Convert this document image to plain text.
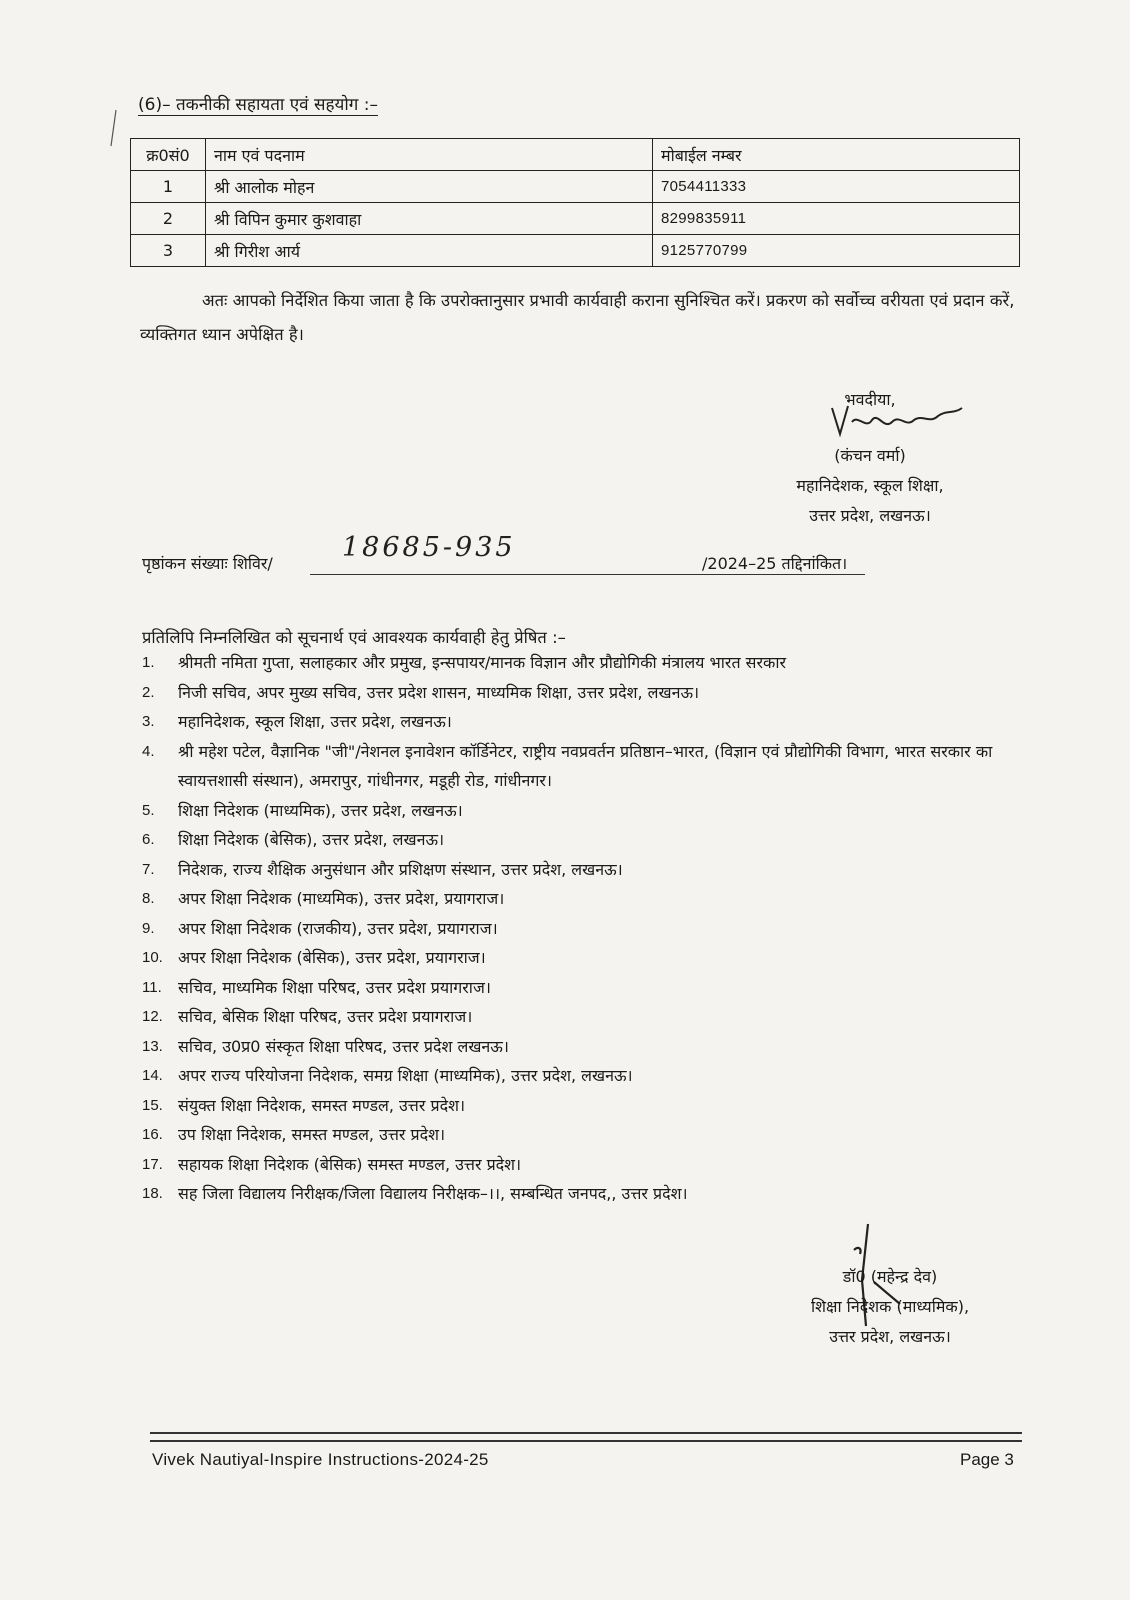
(6)– तकनीकी सहायता एवं सहयोग :–
क्र0सं0	नाम एवं पदनाम	मोबाईल नम्बर
1	श्री आलोक मोहन	7054411333
2	श्री विपिन कुमार कुशवाहा	8299835911
3	श्री गिरीश आर्य	9125770799
अतः आपको निर्देशित किया जाता है कि उपरोक्तानुसार प्रभावी कार्यवाही कराना सुनिश्चित करें। प्रकरण को सर्वोच्च वरीयता एवं प्रदान करें, व्यक्तिगत ध्यान अपेक्षित है।
भवदीया,
(कंचन वर्मा)
महानिदेशक, स्कूल शिक्षा,
उत्तर प्रदेश, लखनऊ।
पृष्ठांकन संख्याः शिविर/
18685-935
/2024–25 तद्दिनांकित।
प्रतिलिपि निम्नलिखित को सूचनार्थ एवं आवश्यक कार्यवाही हेतु प्रेषित :–
1.	श्रीमती नमिता गुप्ता, सलाहकार और प्रमुख, इन्सपायर/मानक विज्ञान और प्रौद्योगिकी मंत्रालय भारत सरकार
2.	निजी सचिव, अपर मुख्य सचिव, उत्तर प्रदेश शासन, माध्यमिक शिक्षा, उत्तर प्रदेश, लखनऊ।
3.	महानिदेशक, स्कूल शिक्षा, उत्तर प्रदेश, लखनऊ।
4.	श्री महेश पटेल, वैज्ञानिक "जी"/नेशनल इनावेशन कॉर्डिनेटर, राष्ट्रीय नवप्रवर्तन प्रतिष्ठान–भारत, (विज्ञान एवं प्रौद्योगिकी विभाग, भारत सरकार का स्वायत्तशासी संस्थान), अमरापुर, गांधीनगर, मडूही रोड, गांधीनगर।
5.	शिक्षा निदेशक (माध्यमिक), उत्तर प्रदेश, लखनऊ।
6.	शिक्षा निदेशक (बेसिक), उत्तर प्रदेश, लखनऊ।
7.	निदेशक, राज्य शैक्षिक अनुसंधान और प्रशिक्षण संस्थान, उत्तर प्रदेश, लखनऊ।
8.	अपर शिक्षा निदेशक (माध्यमिक), उत्तर प्रदेश, प्रयागराज।
9.	अपर शिक्षा निदेशक (राजकीय), उत्तर प्रदेश, प्रयागराज।
10. अपर शिक्षा निदेशक (बेसिक), उत्तर प्रदेश, प्रयागराज।
11.	सचिव, माध्यमिक शिक्षा परिषद, उत्तर प्रदेश प्रयागराज।
12. सचिव, बेसिक शिक्षा परिषद, उत्तर प्रदेश प्रयागराज।
13. सचिव, उ0प्र0 संस्कृत शिक्षा परिषद, उत्तर प्रदेश लखनऊ।
14. अपर राज्य परियोजना निदेशक, समग्र शिक्षा (माध्यमिक), उत्तर प्रदेश, लखनऊ।
15. संयुक्त शिक्षा निदेशक, समस्त मण्डल, उत्तर प्रदेश।
16. उप शिक्षा निदेशक, समस्त मण्डल, उत्तर प्रदेश।
17. सहायक शिक्षा निदेशक (बेसिक) समस्त मण्डल, उत्तर प्रदेश।
18. सह जिला विद्यालय निरीक्षक/जिला विद्यालय निरीक्षक–।।, सम्बन्धित जनपद,, उत्तर प्रदेश।
डॉ0 (महेन्द्र देव)
शिक्षा निदेशक (माध्यमिक),
उत्तर प्रदेश, लखनऊ।
Vivek Nautiyal-Inspire Instructions-2024-25	Page 3
